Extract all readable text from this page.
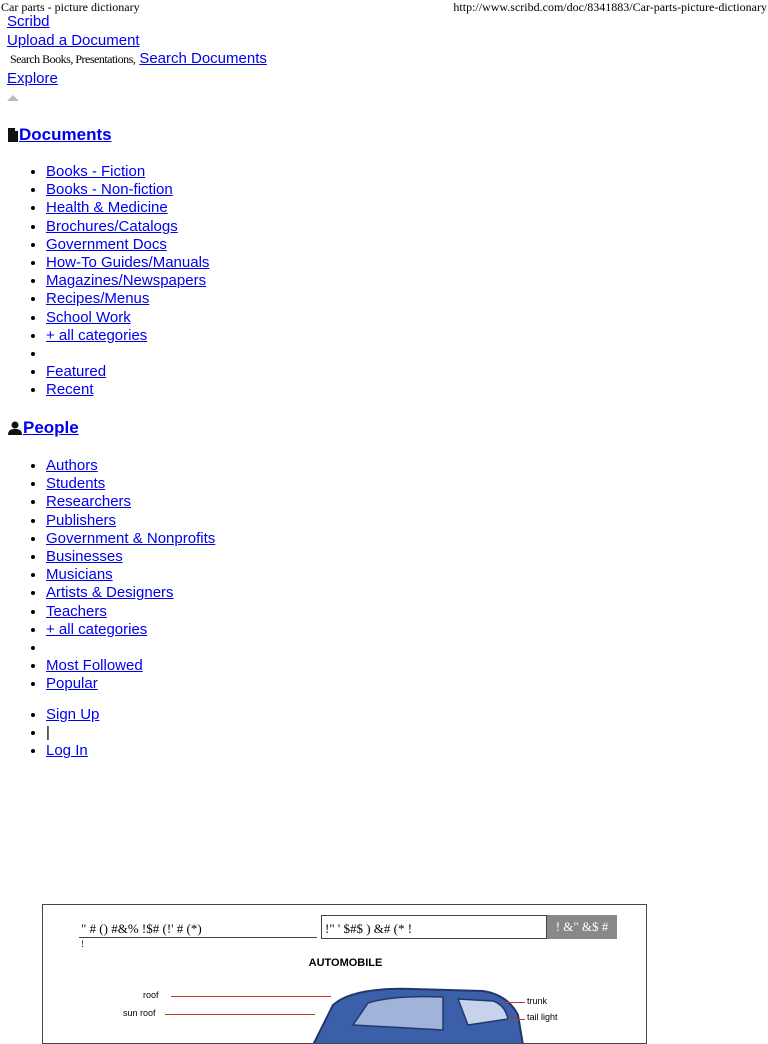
Car parts - picture dictionary	http://www.scribd.com/doc/8341883/Car-parts-picture-dictionary
Scribd
Upload a Document
Search Books, Presentations, Search Documents
Explore
Documents
• Books - Fiction
• Books - Non-fiction
• Health & Medicine
• Brochures/Catalogs
• Government Docs
• How-To Guides/Manuals
• Magazines/Newspapers
• Recipes/Menus
• School Work
• + all categories
•
• Featured
• Recent
People
• Authors
• Students
• Researchers
• Publishers
• Government & Nonprofits
• Businesses
• Musicians
• Artists & Designers
• Teachers
• + all categories
•
• Most Followed
• Popular
• Sign Up
• |
• Log In
" # () #&% !$# (!' # (*)
!
!" ' $#$ ) &# (* !	! &" &$ #
AUTOMOBILE
roof
sun roof
trunk
tail light
